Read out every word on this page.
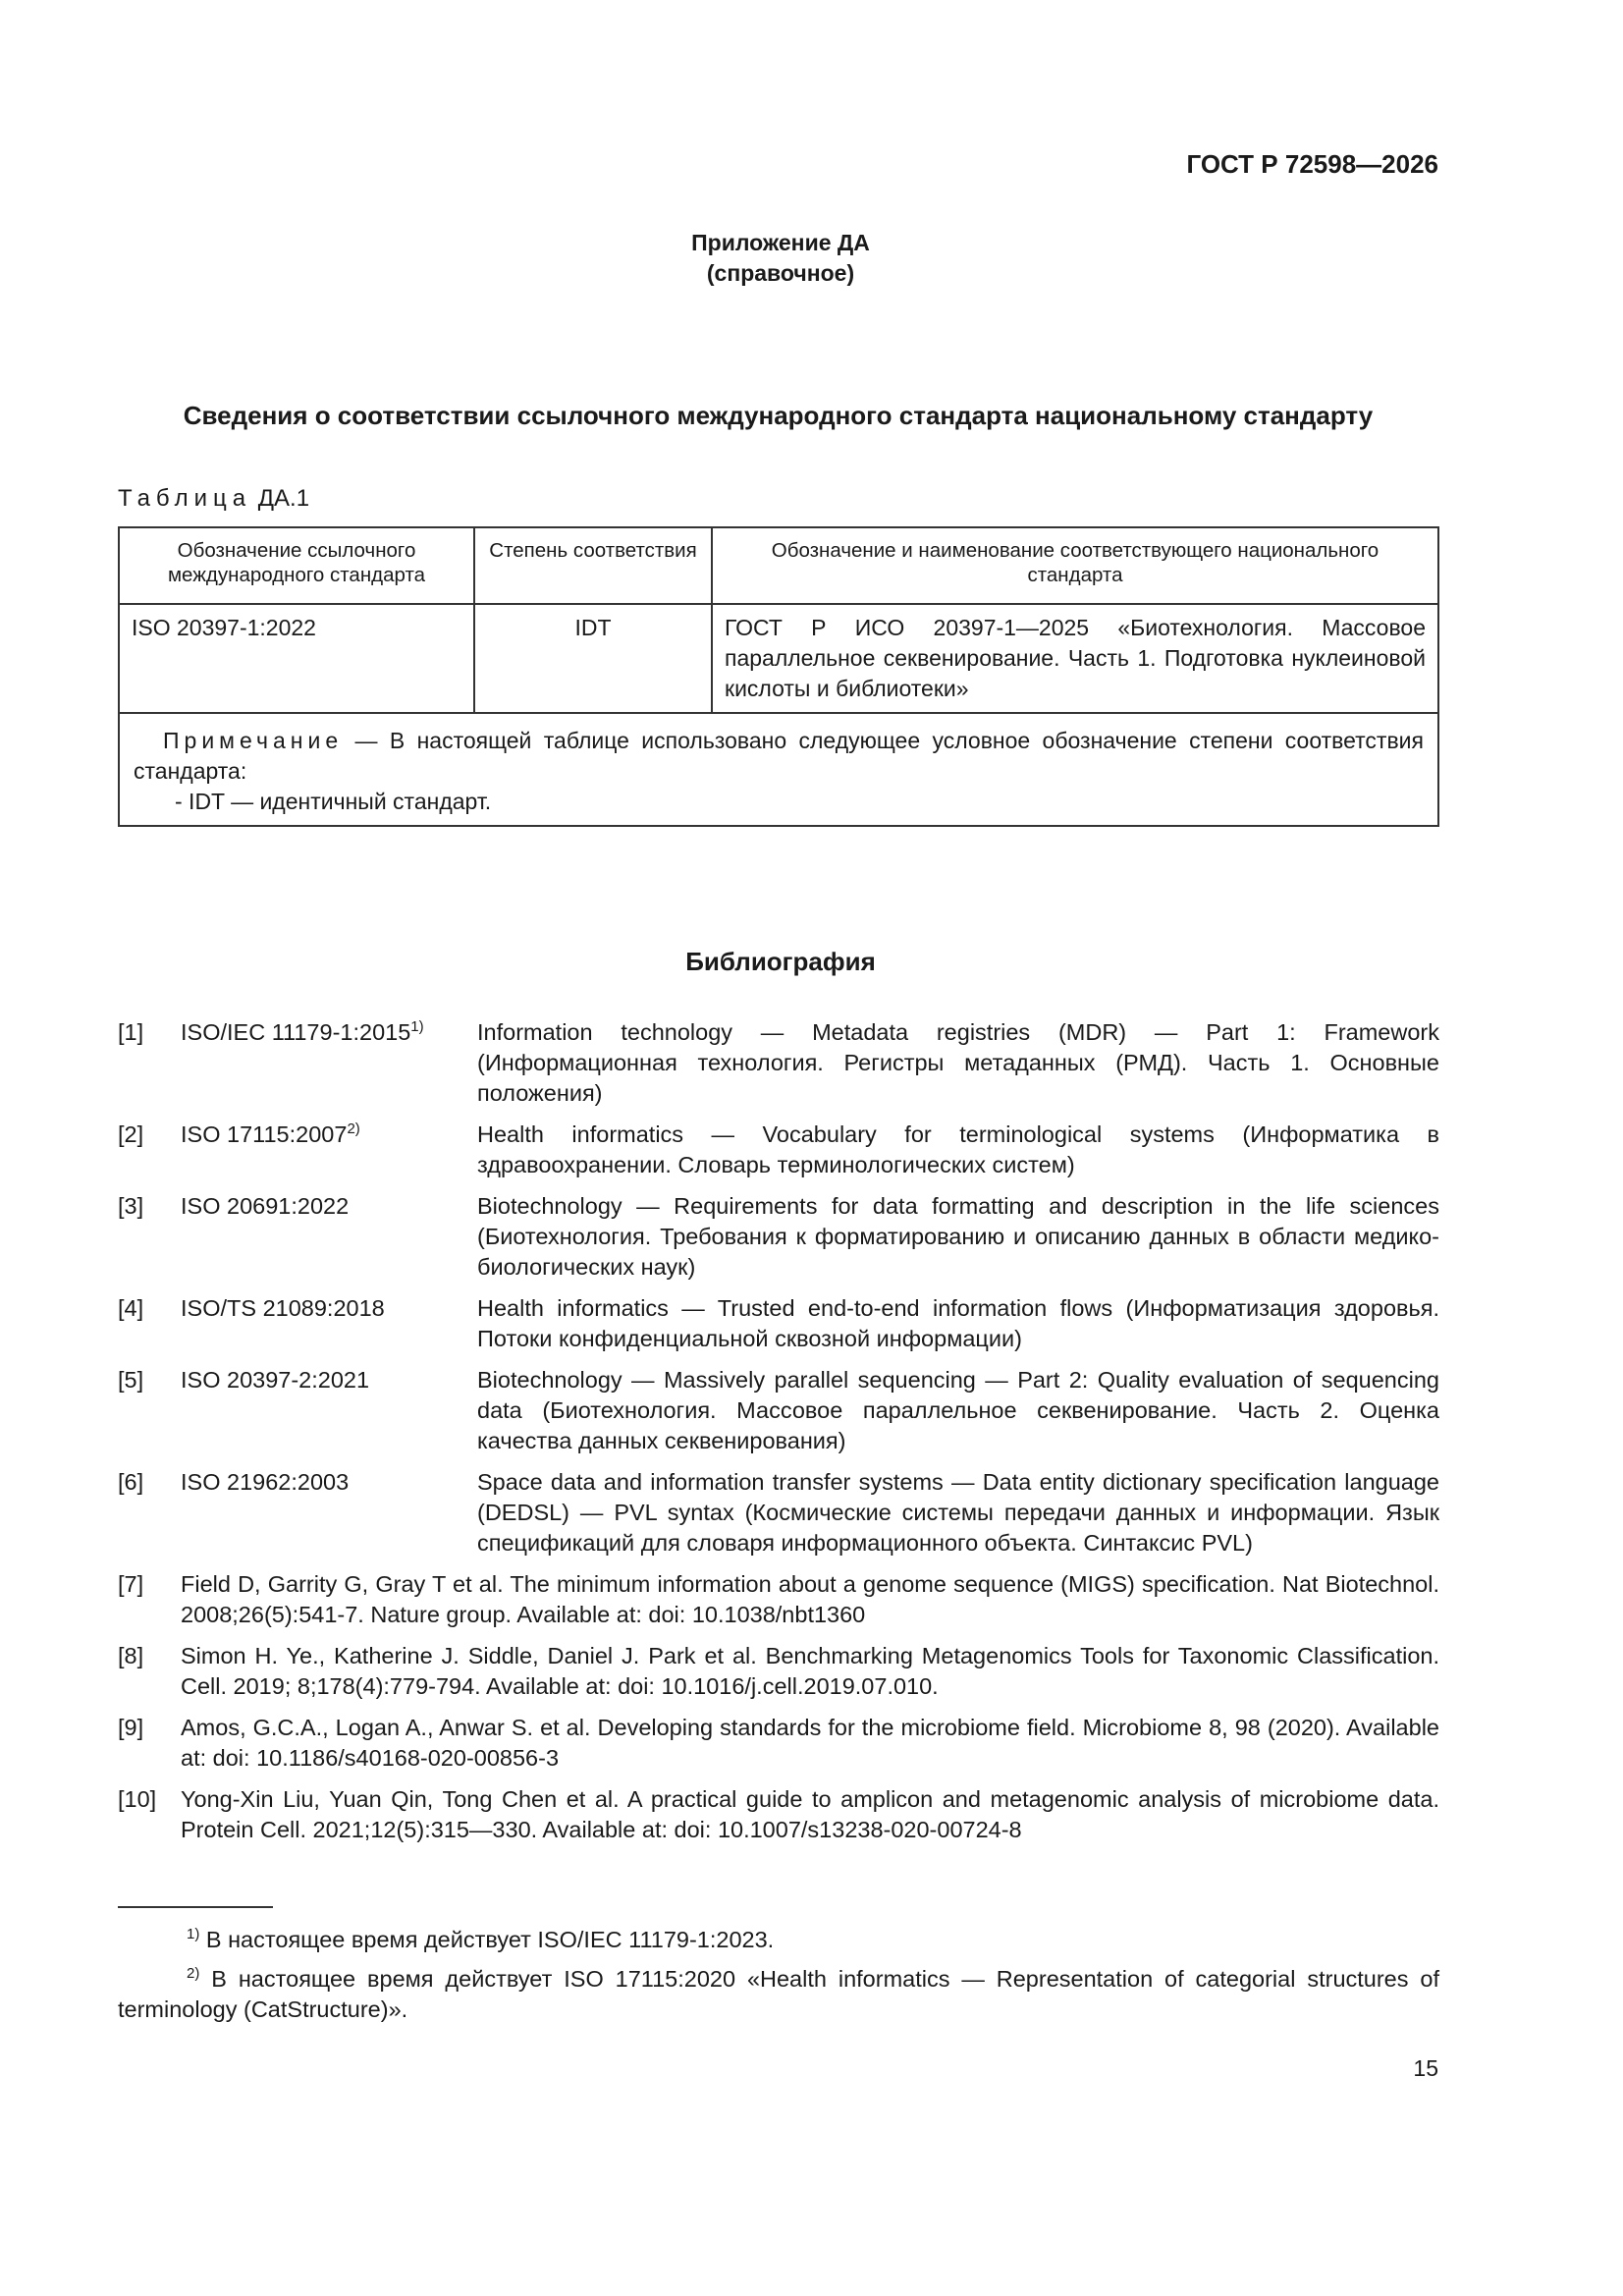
ГОСТ Р 72598—2026
Приложение ДА
(справочное)
Сведения о соответствии ссылочного международного стандарта национальному стандарту
Таблица ДА.1
Обозначение ссылочного международного стандарта	Степень соответствия	Обозначение и наименование соответствующего национального стандарта
ISO 20397-1:2022	IDT	ГОСТ Р ИСО 20397-1—2025 «Биотехнология. Массовое параллельное секвенирование. Часть 1. Подготовка нуклеиновой кислоты и библиотеки»

Примечание — В настоящей таблице использовано следующее условное обозначение степени соответствия стандарта:

- IDT — идентичный стандарт.		

Библиография
[1]	ISO/IEC 11179-1:2015$^{1)}$	Information technology — Metadata registries (MDR) — Part 1: Framework (Информационная технология. Регистры метаданных (РМД). Часть 1. Основные положения)
[2]	ISO 17115:2007$^{2)}$	Health informatics — Vocabulary for terminological systems (Информатика в здравоохранении. Словарь терминологических систем)
[3]	ISO 20691:2022	Biotechnology — Requirements for data formatting and description in the life sciences (Биотехнология. Требования к форматированию и описанию данных в области медико-биологических наук)
[4]	ISO/TS 21089:2018	Health informatics — Trusted end-to-end information flows (Информатизация здоровья. Потоки конфиденциальной сквозной информации)
[5]	ISO 20397-2:2021	Biotechnology — Massively parallel sequencing — Part 2: Quality evaluation of sequencing data (Биотехнология. Массовое параллельное секвенирование. Часть 2. Оценка качества данных секвенирования)
[6]	ISO 21962:2003	Space data and information transfer systems — Data entity dictionary specification language (DEDSL) — PVL syntax (Космические системы передачи данных и информации. Язык спецификаций для словаря информационного объекта. Синтаксис PVL)
[7]	Field D, Garrity G, Gray T et al. The minimum information about a genome sequence (MIGS) specification. Nat Biotechnol. 2008;26(5):541-7. Nature group. Available at: doi: 10.1038/nbt1360
[8]	Simon H. Ye., Katherine J. Siddle, Daniel J. Park et al. Benchmarking Metagenomics Tools for Taxonomic Classification. Cell. 2019; 8;178(4):779-794. Available at: doi: 10.1016/j.cell.2019.07.010.
[9]	Amos, G.C.A., Logan A., Anwar S. et al. Developing standards for the microbiome field. Microbiome 8, 98 (2020). Available at: doi: 10.1186/s40168-020-00856-3
[10]	Yong-Xin Liu, Yuan Qin, Tong Chen et al. A practical guide to amplicon and metagenomic analysis of microbiome data. Protein Cell. 2021;12(5):315—330. Available at: doi: 10.1007/s13238-020-00724-8

$^{1)}$ В настоящее время действует ISO/IEC 11179-1:2023.

$^{2)}$ В настоящее время действует ISO 17115:2020 «Health informatics — Representation of categorial structures of terminology (CatStructure)».

15
